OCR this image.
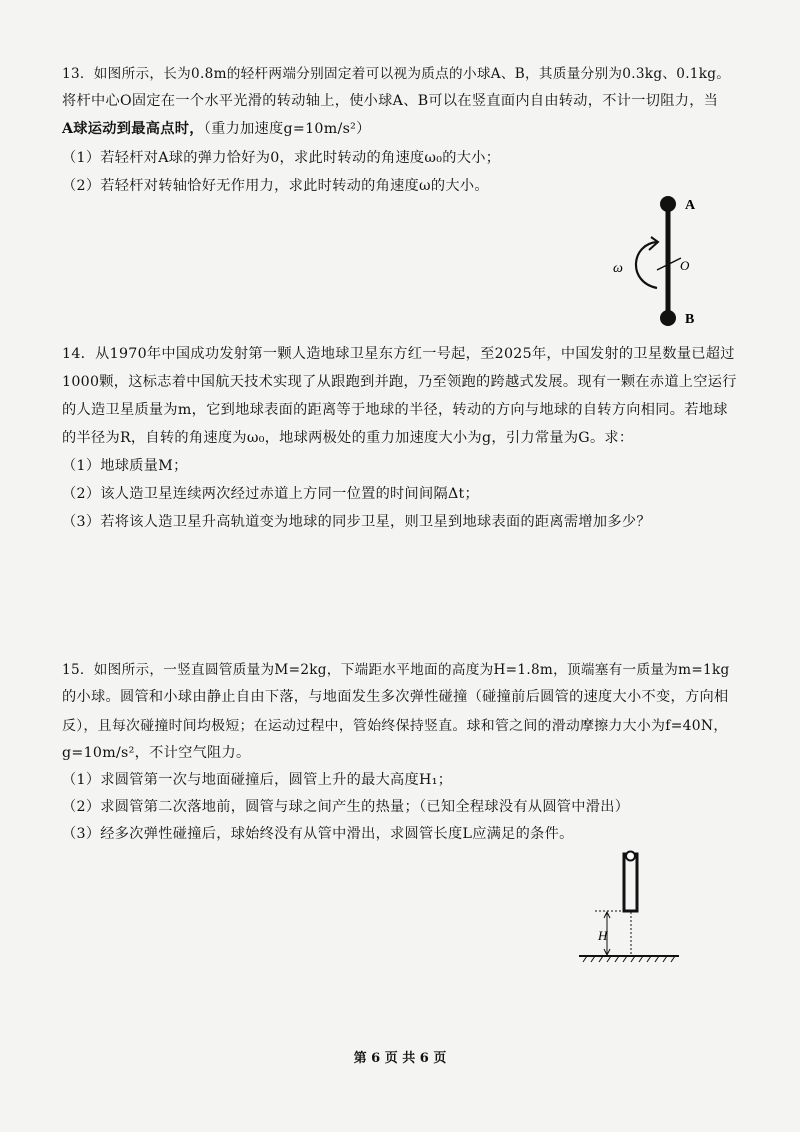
13．如图所示，长为0.8m的轻杆两端分别固定着可以视为质点的小球A、B，其质量分别为0.3kg、0.1kg。
将杆中心O固定在一个水平光滑的转动轴上，使小球A、B可以在竖直面内自由转动，不计一切阻力，当
A球运动到最高点时，（重力加速度g=10m/s²）
（1）若轻杆对A球的弹力恰好为0，求此时转动的角速度ω₀的大小；
（2）若轻杆对转轴恰好无作用力，求此时转动的角速度ω的大小。
A
B
O
ω
14．从1970年中国成功发射第一颗人造地球卫星东方红一号起，至2025年，中国发射的卫星数量已超过
1000颗，这标志着中国航天技术实现了从跟跑到并跑，乃至领跑的跨越式发展。现有一颗在赤道上空运行
的人造卫星质量为m，它到地球表面的距离等于地球的半径，转动的方向与地球的自转方向相同。若地球
的半径为R，自转的角速度为ω₀，地球两极处的重力加速度大小为g，引力常量为G。求：
（1）地球质量M；
（2）该人造卫星连续两次经过赤道上方同一位置的时间间隔Δt；
（3）若将该人造卫星升高轨道变为地球的同步卫星，则卫星到地球表面的距离需增加多少？
15．如图所示，一竖直圆管质量为M=2kg，下端距水平地面的高度为H=1.8m，顶端塞有一质量为m=1kg
的小球。圆管和小球由静止自由下落，与地面发生多次弹性碰撞（碰撞前后圆管的速度大小不变，方向相
反），且每次碰撞时间均极短；在运动过程中，管始终保持竖直。球和管之间的滑动摩擦力大小为f=40N，
g=10m/s²，不计空气阻力。
（1）求圆管第一次与地面碰撞后，圆管上升的最大高度H₁；
（2）求圆管第二次落地前，圆管与球之间产生的热量；（已知全程球没有从圆管中滑出）
（3）经多次弹性碰撞后，球始终没有从管中滑出，求圆管长度L应满足的条件。
H
第 6 页 共 6 页
